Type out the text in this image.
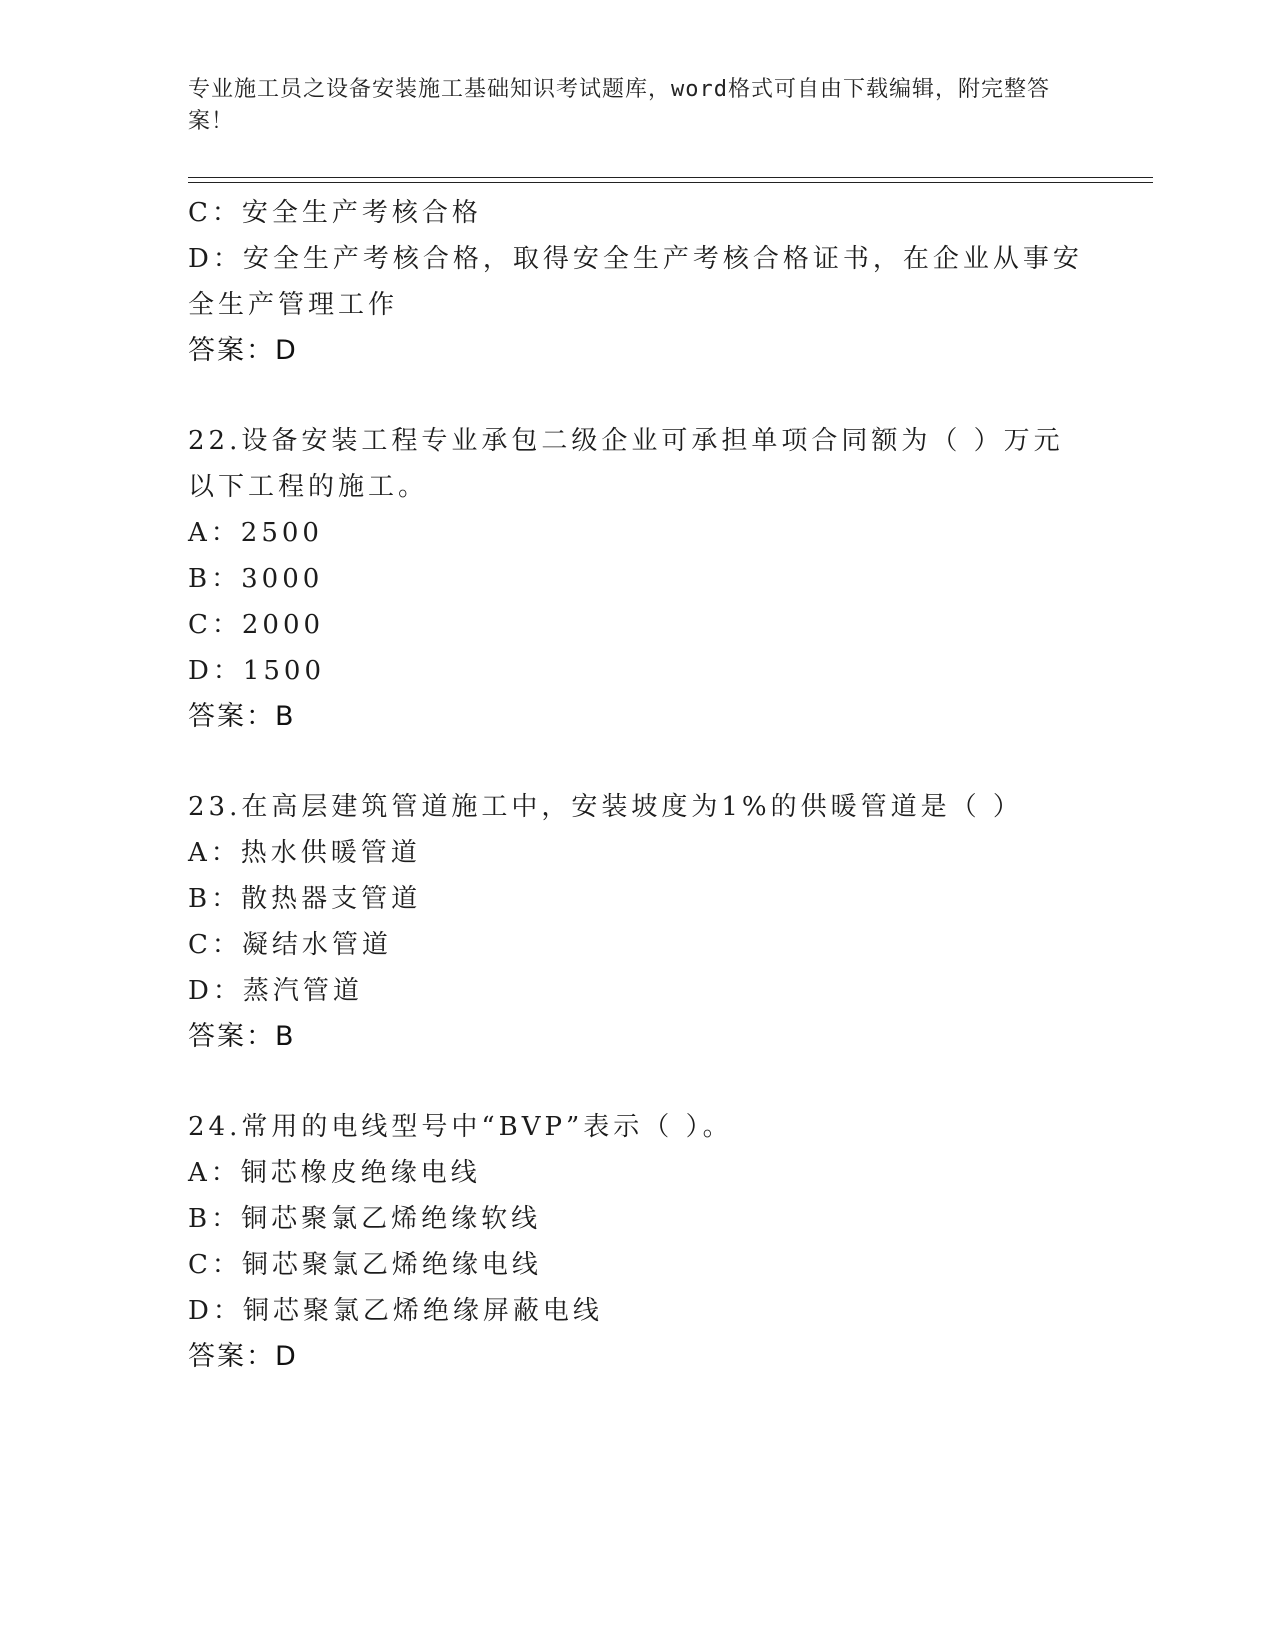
专业施工员之设备安装施工基础知识考试题库，word格式可自由下载编辑，附完整答案！

C：安全生产考核合格

D：安全生产考核合格，取得安全生产考核合格证书，在企业从事安全生产管理工作

答案：D

22.设备安装工程专业承包二级企业可承担单项合同额为（ ）万元以下工程的施工。

A：2500

B：3000

C：2000

D：1500

答案：B

23.在高层建筑管道施工中，安装坡度为1%的供暖管道是（ ）

A：热水供暖管道

B：散热器支管道

C：凝结水管道

D：蒸汽管道

答案：B

24.常用的电线型号中“BVP”表示（ ）。

A：铜芯橡皮绝缘电线

B：铜芯聚氯乙烯绝缘软线

C：铜芯聚氯乙烯绝缘电线

D：铜芯聚氯乙烯绝缘屏蔽电线

答案：D
